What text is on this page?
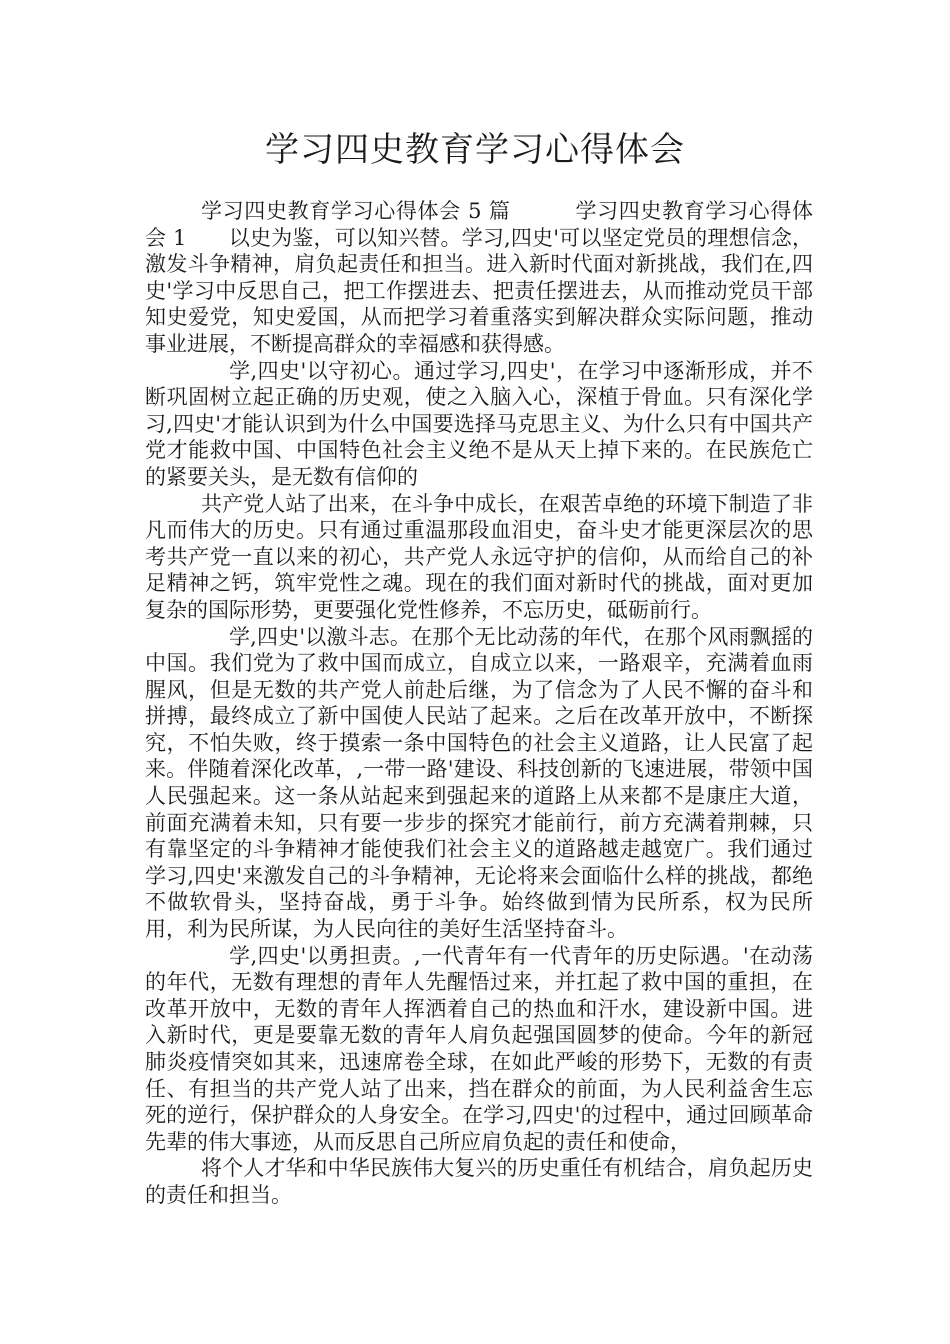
学习四史教育学习心得体会

学习四史教育学习心得体会 5 篇　　　学习四史教育学习心得体会 1　　以史为鉴，可以知兴替。学习,四史'可以坚定党员的理想信念，激发斗争精神，肩负起责任和担当。进入新时代面对新挑战，我们在,四史'学习中反思自己，把工作摆进去、把责任摆进去，从而推动党员干部知史爱党，知史爱国，从而把学习着重落实到解决群众实际问题，推动事业进展，不断提高群众的幸福感和获得感。

学,四史'以守初心。通过学习,四史'，在学习中逐渐形成，并不断巩固树立起正确的历史观，使之入脑入心，深植于骨血。只有深化学习,四史'才能认识到为什么中国要选择马克思主义、为什么只有中国共产党才能救中国、中国特色社会主义绝不是从天上掉下来的。在民族危亡的紧要关头，是无数有信仰的

共产党人站了出来，在斗争中成长，在艰苦卓绝的环境下制造了非凡而伟大的历史。只有通过重温那段血泪史，奋斗史才能更深层次的思考共产党一直以来的初心，共产党人永远守护的信仰，从而给自己的补足精神之钙，筑牢党性之魂。现在的我们面对新时代的挑战，面对更加复杂的国际形势，更要强化党性修养，不忘历史，砥砺前行。

学,四史'以激斗志。在那个无比动荡的年代，在那个风雨飘摇的中国。我们党为了救中国而成立，自成立以来，一路艰辛，充满着血雨腥风，但是无数的共产党人前赴后继，为了信念为了人民不懈的奋斗和拼搏，最终成立了新中国使人民站了起来。之后在改革开放中，不断探究，不怕失败，终于摸索一条中国特色的社会主义道路，让人民富了起来。伴随着深化改革，,一带一路'建设、科技创新的飞速进展，带领中国人民强起来。这一条从站起来到强起来的道路上从来都不是康庄大道，前面充满着未知，只有要一步步的探究才能前行，前方充满着荆棘，只有靠坚定的斗争精神才能使我们社会主义的道路越走越宽广。我们通过学习,四史'来激发自己的斗争精神，无论将来会面临什么样的挑战，都绝不做软骨头，坚持奋战，勇于斗争。始终做到情为民所系，权为民所用，利为民所谋，为人民向往的美好生活坚持奋斗。

学,四史'以勇担责。,一代青年有一代青年的历史际遇。'在动荡的年代，无数有理想的青年人先醒悟过来，并扛起了救中国的重担，在改革开放中，无数的青年人挥洒着自己的热血和汗水，建设新中国。进入新时代，更是要靠无数的青年人肩负起强国圆梦的使命。今年的新冠肺炎疫情突如其来，迅速席卷全球，在如此严峻的形势下，无数的有责任、有担当的共产党人站了出来，挡在群众的前面，为人民利益舍生忘死的逆行，保护群众的人身安全。在学习,四史'的过程中，通过回顾革命先辈的伟大事迹，从而反思自己所应肩负起的责任和使命，

将个人才华和中华民族伟大复兴的历史重任有机结合，肩负起历史的责任和担当。
